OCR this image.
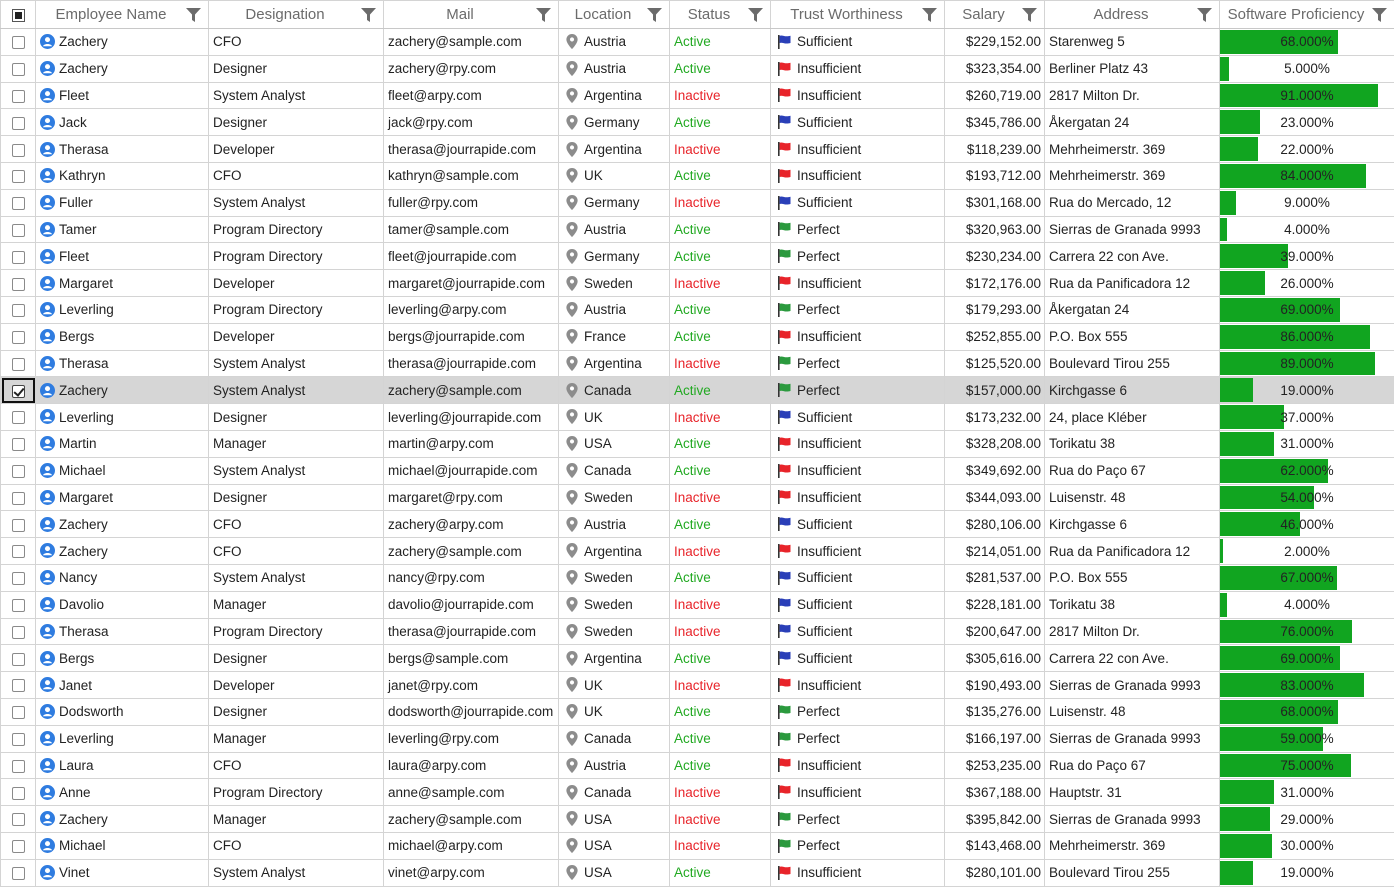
	Employee Name	Designation	Mail	Location	Status	Trust Worthiness	Salary	Address	Software Proficiency

	Zachery	CFO	zachery@sample.com	Austria	Active	Sufficient	$229,152.00	Starenweg 5	68.000%

	Zachery	Designer	zachery@rpy.com	Austria	Active	Insufficient	$323,354.00	Berliner Platz 43	5.000%

	Fleet	System Analyst	fleet@arpy.com	Argentina	Inactive	Insufficient	$260,719.00	2817 Milton Dr.	91.000%

	Jack	Designer	jack@rpy.com	Germany	Active	Sufficient	$345,786.00	Åkergatan 24	23.000%

	Therasa	Developer	therasa@jourrapide.com	Argentina	Inactive	Insufficient	$118,239.00	Mehrheimerstr. 369	22.000%

	Kathryn	CFO	kathryn@sample.com	UK	Active	Insufficient	$193,712.00	Mehrheimerstr. 369	84.000%

	Fuller	System Analyst	fuller@rpy.com	Germany	Inactive	Sufficient	$301,168.00	Rua do Mercado, 12	9.000%

	Tamer	Program Directory	tamer@sample.com	Austria	Active	Perfect	$320,963.00	Sierras de Granada 9993	4.000%

	Fleet	Program Directory	fleet@jourrapide.com	Germany	Active	Perfect	$230,234.00	Carrera 22 con Ave.	39.000%

	Margaret	Developer	margaret@jourrapide.com	Sweden	Inactive	Insufficient	$172,176.00	Rua da Panificadora 12	26.000%

	Leverling	Program Directory	leverling@arpy.com	Austria	Active	Perfect	$179,293.00	Åkergatan 24	69.000%

	Bergs	Developer	bergs@jourrapide.com	France	Active	Insufficient	$252,855.00	P.O. Box 555	86.000%

	Therasa	System Analyst	therasa@jourrapide.com	Argentina	Inactive	Perfect	$125,520.00	Boulevard Tirou 255	89.000%

	Zachery	System Analyst	zachery@sample.com	Canada	Active	Perfect	$157,000.00	Kirchgasse 6	19.000%

	Leverling	Designer	leverling@jourrapide.com	UK	Inactive	Sufficient	$173,232.00	24, place Kléber	37.000%

	Martin	Manager	martin@arpy.com	USA	Active	Insufficient	$328,208.00	Torikatu 38	31.000%

	Michael	System Analyst	michael@jourrapide.com	Canada	Active	Insufficient	$349,692.00	Rua do Paço 67	62.000%

	Margaret	Designer	margaret@rpy.com	Sweden	Inactive	Insufficient	$344,093.00	Luisenstr. 48	54.000%

	Zachery	CFO	zachery@arpy.com	Austria	Active	Sufficient	$280,106.00	Kirchgasse 6	46.000%

	Zachery	CFO	zachery@sample.com	Argentina	Inactive	Insufficient	$214,051.00	Rua da Panificadora 12	2.000%

	Nancy	System Analyst	nancy@rpy.com	Sweden	Active	Sufficient	$281,537.00	P.O. Box 555	67.000%

	Davolio	Manager	davolio@jourrapide.com	Sweden	Inactive	Sufficient	$228,181.00	Torikatu 38	4.000%

	Therasa	Program Directory	therasa@jourrapide.com	Sweden	Inactive	Sufficient	$200,647.00	2817 Milton Dr.	76.000%

	Bergs	Designer	bergs@sample.com	Argentina	Active	Sufficient	$305,616.00	Carrera 22 con Ave.	69.000%

	Janet	Developer	janet@rpy.com	UK	Inactive	Insufficient	$190,493.00	Sierras de Granada 9993	83.000%

	Dodsworth	Designer	dodsworth@jourrapide.com	UK	Active	Perfect	$135,276.00	Luisenstr. 48	68.000%

	Leverling	Manager	leverling@rpy.com	Canada	Active	Perfect	$166,197.00	Sierras de Granada 9993	59.000%

	Laura	CFO	laura@arpy.com	Austria	Active	Insufficient	$253,235.00	Rua do Paço 67	75.000%

	Anne	Program Directory	anne@sample.com	Canada	Inactive	Insufficient	$367,188.00	Hauptstr. 31	31.000%

	Zachery	Manager	zachery@sample.com	USA	Inactive	Perfect	$395,842.00	Sierras de Granada 9993	29.000%

	Michael	CFO	michael@arpy.com	USA	Inactive	Perfect	$143,468.00	Mehrheimerstr. 369	30.000%

	Vinet	System Analyst	vinet@arpy.com	USA	Active	Insufficient	$280,101.00	Boulevard Tirou 255	19.000%
